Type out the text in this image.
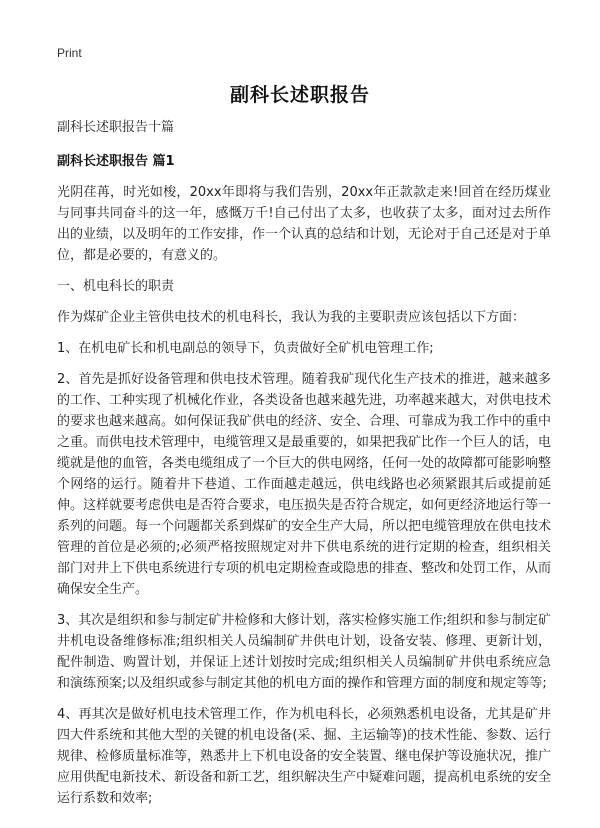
Print
副科长述职报告
副科长述职报告十篇
副科长述职报告 篇1

光阴荏苒，时光如梭，20xx年即将与我们告别，20xx年正款款走来!回首在经历煤业与同事共同奋斗的这一年，感慨万千!自己付出了太多，也收获了太多，面对过去所作出的业绩，以及明年的工作安排，作一个认真的总结和计划，无论对于自己还是对于单位，都是必要的，有意义的。

一、机电科长的职责

作为煤矿企业主管供电技术的机电科长，我认为我的主要职责应该包括以下方面：

1、在机电矿长和机电副总的领导下，负责做好全矿机电管理工作;

2、首先是抓好设备管理和供电技术管理。随着我矿现代化生产技术的推进，越来越多的工作、工种实现了机械化作业，各类设备也越来越先进，功率越来越大，对供电技术的要求也越来越高。如何保证我矿供电的经济、安全、合理、可靠成为我工作中的重中之重。而供电技术管理中，电缆管理又是最重要的，如果把我矿比作一个巨人的话，电缆就是他的血管，各类电缆组成了一个巨大的供电网络，任何一处的故障都可能影响整个网络的运行。随着井下巷道、工作面越走越远，供电线路也必须紧跟其后或提前延伸。这样就要考虑供电是否符合要求，电压损失是否符合规定，如何更经济地运行等一系列的问题。每一个问题都关系到煤矿的安全生产大局，所以把电缆管理放在供电技术管理的首位是必须的;必须严格按照规定对井下供电系统的进行定期的检查，组织相关部门对井上下供电系统进行专项的机电定期检查或隐患的排查、整改和处罚工作，从而确保安全生产。

3、其次是组织和参与制定矿井检修和大修计划，落实检修实施工作;组织和参与制定矿井机电设备维修标准;组织相关人员编制矿井供电计划，设备安装、修理、更新计划，配件制造、购置计划，并保证上述计划按时完成;组织相关人员编制矿井供电系统应急和演练预案;以及组织或参与制定其他的机电方面的操作和管理方面的制度和规定等等;

4、再其次是做好机电技术管理工作，作为机电科长，必须熟悉机电设备，尤其是矿井四大件系统和其他大型的关键的机电设备(采、掘、主运输等)的技术性能、参数、运行规律、检修质量标准等，熟悉井上下机电设备的安全装置、继电保护等设施状况，推广应用供配电新技术、新设备和新工艺，组织解决生产中疑难问题，提高机电系统的安全运行系数和效率;
